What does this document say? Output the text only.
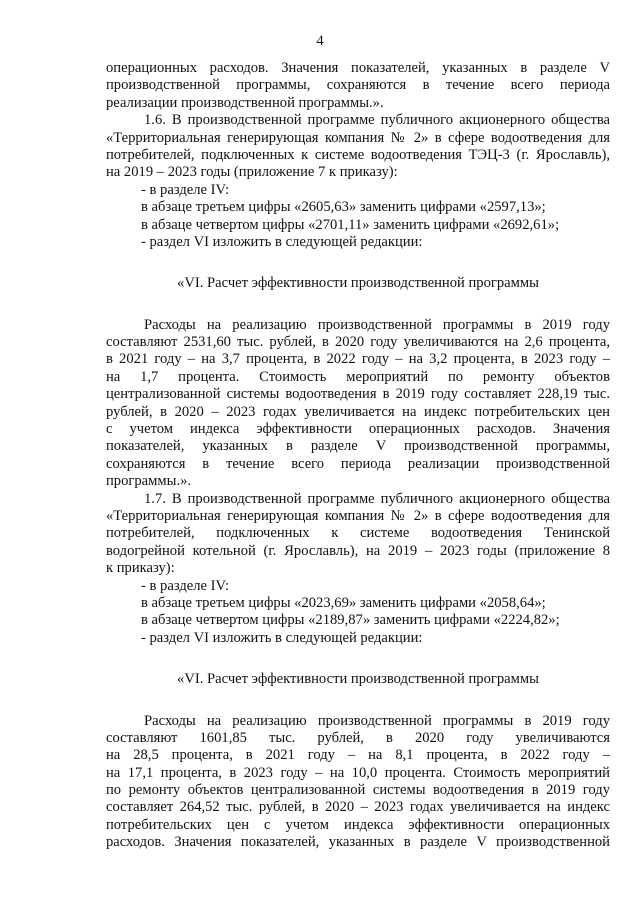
4
операционных расходов. Значения показателей, указанных в разделе V
производственной программы, сохраняются в течение всего периода
реализации производственной программы.».
1.6. В производственной программе публичного акционерного общества
«Территориальная генерирующая компания № 2» в сфере водоотведения для
потребителей, подключенных к системе водоотведения ТЭЦ-3 (г. Ярославль),
на 2019 – 2023 годы (приложение 7 к приказу):
- в разделе IV:
в абзаце третьем цифры «2605,63» заменить цифрами «2597,13»;
в абзаце четвертом цифры «2701,11» заменить цифрами «2692,61»;
- раздел VI изложить в следующей редакции:
«VI. Расчет эффективности производственной программы
Расходы на реализацию производственной программы в 2019 году
составляют 2531,60 тыс. рублей, в 2020 году увеличиваются на 2,6 процента,
в 2021 году – на 3,7 процента, в 2022 году – на 3,2 процента, в 2023 году –
на 1,7 процента. Стоимость мероприятий по ремонту объектов
централизованной системы водоотведения в 2019 году составляет 228,19 тыс.
рублей, в 2020 – 2023 годах увеличивается на индекс потребительских цен
с учетом индекса эффективности операционных расходов. Значения
показателей, указанных в разделе V производственной программы,
сохраняются в течение всего периода реализации производственной
программы.».
1.7. В производственной программе публичного акционерного общества
«Территориальная генерирующая компания № 2» в сфере водоотведения для
потребителей, подключенных к системе водоотведения Тенинской
водогрейной котельной (г. Ярославль), на 2019 – 2023 годы (приложение 8
к приказу):
- в разделе IV:
в абзаце третьем цифры «2023,69» заменить цифрами «2058,64»;
в абзаце четвертом цифры «2189,87» заменить цифрами «2224,82»;
- раздел VI изложить в следующей редакции:
«VI. Расчет эффективности производственной программы
Расходы на реализацию производственной программы в 2019 году
составляют 1601,85 тыс. рублей, в 2020 году увеличиваются
на 28,5 процента, в 2021 году – на 8,1 процента, в 2022 году –
на 17,1 процента, в 2023 году – на 10,0 процента. Стоимость мероприятий
по ремонту объектов централизованной системы водоотведения в 2019 году
составляет 264,52 тыс. рублей, в 2020 – 2023 годах увеличивается на индекс
потребительских цен с учетом индекса эффективности операционных
расходов. Значения показателей, указанных в разделе V производственной
